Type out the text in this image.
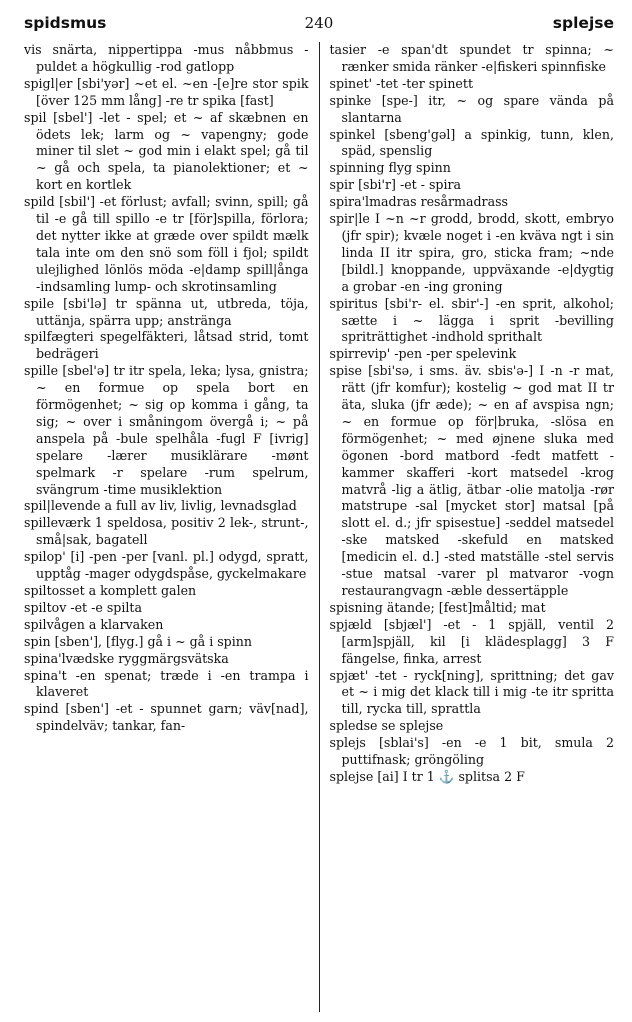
spidsmus	240	splejse

vis snärta, nippertippa -mus nåbbmus -puldet a högkullig -rod gatlopp

spigl|er [sbi'yər] ~et el. ~en -[e]re stor spik [över 125 mm lång] -re tr spika [fast]

spil [sbel'] -let - spel; et ~ af skæbnen en ödets lek; larm og ~ vapengny; gode miner til slet ~ god min i elakt spel; gå til ~ gå och spela, ta pianolektioner; et ~ kort en kortlek

spild [sbil'] -et förlust; avfall; svinn, spill; gå til -e gå till spillo -e tr [för]spilla, förlora; det nytter ikke at græde over spildt mælk tala inte om den snö som föll i fjol; spildt ulejlighed lönlös möda -e|damp spill|ånga -indsamling lump- och skrotinsamling

spile [sbi'lə] tr spänna ut, utbreda, töja, uttänja, spärra upp; anstränga

spilfægteri spegelfäkteri, låtsad strid, tomt bedrägeri

spille [sbel'ə] tr itr spela, leka; lysa, gnistra; ~ en formue op spela bort en förmögenhet; ~ sig op komma i gång, ta sig; ~ over i småningom övergå i; ~ på anspela på -bule spelhåla -fugl F [ivrig] spelare -lærer musiklärare -mønt spelmark -r spelare -rum spelrum, svängrum -time musiklektion

spil|levende a full av liv, livlig, levnadsglad

spilleværk 1 speldosa, positiv 2 lek-, strunt-, små|sak, bagatell

spilop' [i] -pen -per [vanl. pl.] odygd, spratt, upptåg -mager odygdspåse, gyckelmakare

spiltosset a komplett galen

spiltov -et -e spilta

spilvågen a klarvaken

spin [sben'], [flyg.] gå i ~ gå i spinn

spina'lvædske ryggmärgsvätska

spina't -en spenat; træde i -en trampa i klaveret

spind [sben'] -et - spunnet garn; väv[nad], spindelväv; tankar, fan-

tasier -e span'dt spundet tr spinna; ~ rænker smida ränker -e|fiskeri spinnfiske

spinet' -tet -ter spinett

spinke [spe-] itr, ~ og spare vända på slantarna

spinkel [sbeng'gəl] a spinkig, tunn, klen, späd, spenslig

spinning flyg spinn

spir [sbi'r] -et - spira

spira'lmadras resårmadrass

spir|le I ~n ~r grodd, brodd, skott, embryo (jfr spir); kvæle noget i -en kväva ngt i sin linda II itr spira, gro, sticka fram; ~nde [bildl.] knoppande, uppväxande -e|dygtig a grobar -en -ing groning

spiritus [sbi'r- el. sbir'-] -en sprit, alkohol; sætte i ~ lägga i sprit -bevilling spriträttighet -indhold sprithalt

spirrevip' -pen -per spelevink

spise [sbi'sə, i sms. äv. sbis'ə-] I -n -r mat, rätt (jfr komfur); kostelig ~ god mat II tr äta, sluka (jfr æde); ~ en af avspisa ngn; ~ en formue op för|bruka, -slösa en förmögenhet; ~ med øjnene sluka med ögonen -bord matbord -fedt matfett -kammer skafferi -kort matsedel -krog matvrå -lig a ätlig, ätbar -olie matolja -rør matstrupe -sal [mycket stor] matsal [på slott el. d.; jfr spisestue] -seddel matsedel -ske matsked -skefuld en matsked [medicin el. d.] -sted matställe -stel servis -stue matsal -varer pl matvaror -vogn restaurangvagn -æble dessertäpple

spisning ätande; [fest]måltid; mat

spjæld [sbjæl'] -et - 1 spjäll, ventil 2 [arm]spjäll, kil [i klädesplagg] 3 F fängelse, finka, arrest

spjæt' -tet - ryck[ning], sprittning; det gav et ~ i mig det klack till i mig -te itr spritta till, rycka till, sprattla

spledse se splejse

splejs [sblai's] -en -e 1 bit, smula 2 puttifnask; gröngöling

splejse [ai] I tr 1 ⚓ splitsa 2 F
